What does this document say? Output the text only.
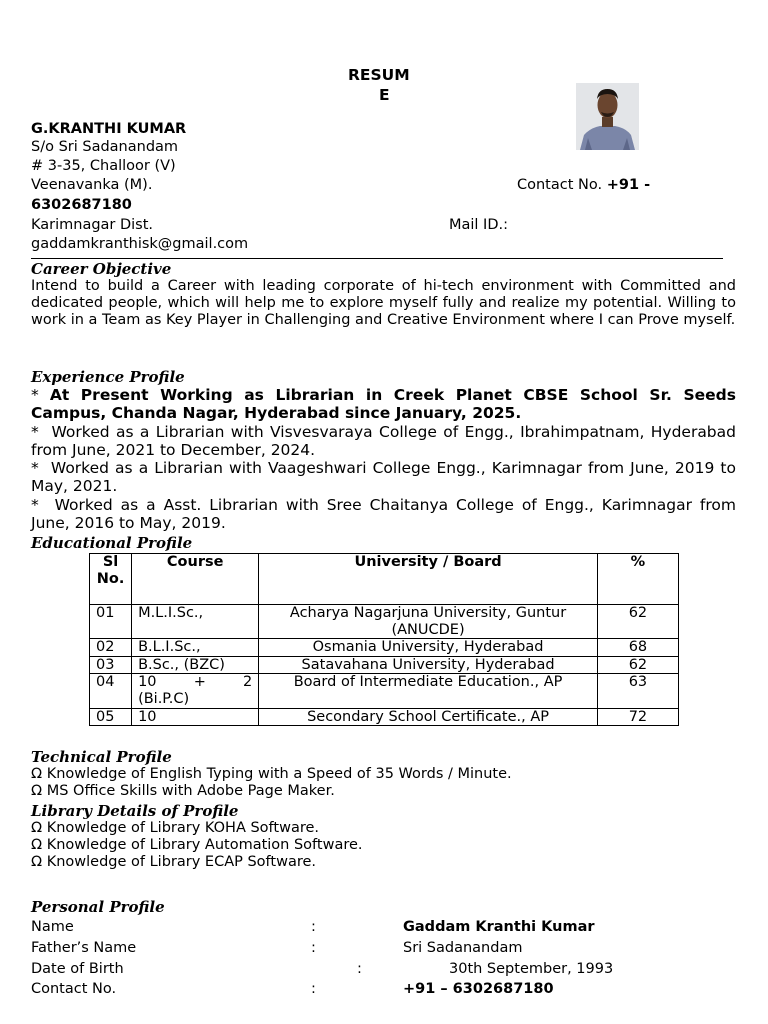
RESUM
E
G.KRANTHI KUMAR
S/o Sri Sadanandam
# 3-35, Challoor (V)
Veenavanka (M).	Contact No. +91 -
6302687180
Karimnagar Dist.	Mail ID.:
gaddamkranthisk@gmail.com
Career Objective
Intend to build a Career with leading corporate of hi-tech environment with Committed and dedicated people, which will help me to explore myself fully and realize my potential. Willing to work in a Team as Key Player in Challenging and Creative Environment where I can Prove myself.
Experience Profile

* At Present Working as Librarian in Creek Planet CBSE School Sr. Seeds Campus, Chanda Nagar, Hyderabad since January, 2025.

*  Worked as a Librarian with Visvesvaraya College of Engg., Ibrahimpatnam, Hyderabad from June, 2021 to December, 2024.

*  Worked as a Librarian with Vaageshwari College Engg., Karimnagar from June, 2019 to May, 2021.

*  Worked as a Asst. Librarian with Sree Chaitanya College of Engg., Karimnagar from June, 2016 to May, 2019.

Educational Profile
Sl No.	Course	University / Board	%
01	M.L.I.Sc.,	Acharya Nagarjuna University, Guntur (ANUCDE)	62
02	B.L.I.Sc.,	Osmania University, Hyderabad	68
03	B.Sc., (BZC)	Satavahana University, Hyderabad	62
04	10 + 2 (Bi.P.C)	Board of Intermediate Education., AP	63
05	10	Secondary School Certificate., AP	72
Technical Profile
Ω Knowledge of English Typing with a Speed of 35 Words / Minute.
Ω MS Office Skills with Adobe Page Maker.
Library Details of Profile
Ω Knowledge of Library KOHA Software.
Ω Knowledge of Library Automation Software.
Ω Knowledge of Library ECAP Software.
Personal Profile
Name	:	Gaddam Kranthi Kumar
Father’s Name	:	Sri Sadanandam
Date of Birth	:	30th September, 1993
Contact No.	:	+91 – 6302687180
